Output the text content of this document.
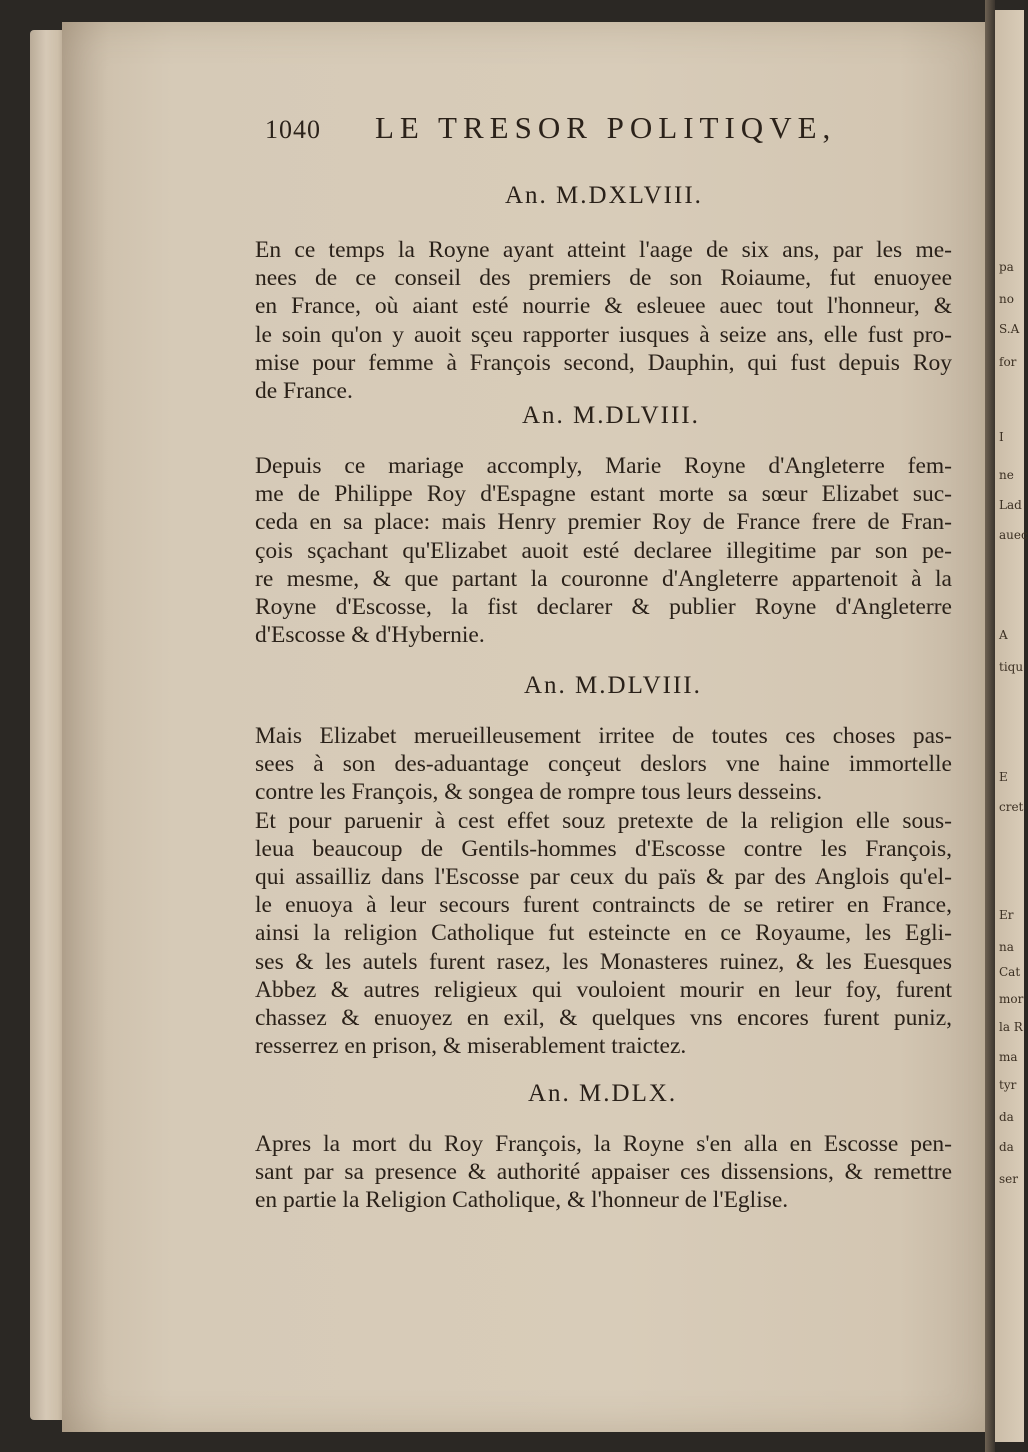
pa
no
S.A
for
I
ne
Lad
auec
A
tiqu
E
cret
Er
na
Cat
mor
la R
ma
tyr
da
da
ser
1040	LE TRESOR POLITIQVE,
An. M.DXLVIII.
En ce temps la Royne ayant atteint l'aage de six ans, par les me-
nees de ce conseil des premiers de son Roiaume, fut enuoyee
en France, où aiant esté nourrie & esleuee auec tout l'honneur, &
le soin qu'on y auoit sçeu rapporter iusques à seize ans, elle fust pro-
mise pour femme à François second, Dauphin, qui fust depuis Roy
de France.
An. M.DLVIII.
Depuis ce mariage accomply, Marie Royne d'Angleterre fem-
me de Philippe Roy d'Espagne estant morte sa sœur Elizabet suc-
ceda en sa place: mais Henry premier Roy de France frere de Fran-
çois sçachant qu'Elizabet auoit esté declaree illegitime par son pe-
re mesme, & que partant la couronne d'Angleterre appartenoit à la
Royne d'Escosse, la fist declarer & publier Royne d'Angleterre
d'Escosse & d'Hybernie.
An. M.DLVIII.
Mais Elizabet merueilleusement irritee de toutes ces choses pas-
sees à son des-aduantage conçeut deslors vne haine immortelle
contre les François, & songea de rompre tous leurs desseins.
Et pour paruenir à cest effet souz pretexte de la religion elle sous-
leua beaucoup de Gentils-hommes d'Escosse contre les François,
qui assailliz dans l'Escosse par ceux du païs & par des Anglois qu'el-
le enuoya à leur secours furent contraincts de se retirer en France,
ainsi la religion Catholique fut esteincte en ce Royaume, les Egli-
ses & les autels furent rasez, les Monasteres ruinez, & les Euesques
Abbez & autres religieux qui vouloient mourir en leur foy, furent
chassez & enuoyez en exil, & quelques vns encores furent puniz,
resserrez en prison, & miserablement traictez.
An. M.DLX.
Apres la mort du Roy François, la Royne s'en alla en Escosse pen-
sant par sa presence & authorité appaiser ces dissensions, & remettre
en partie la Religion Catholique, & l'honneur de l'Eglise.
